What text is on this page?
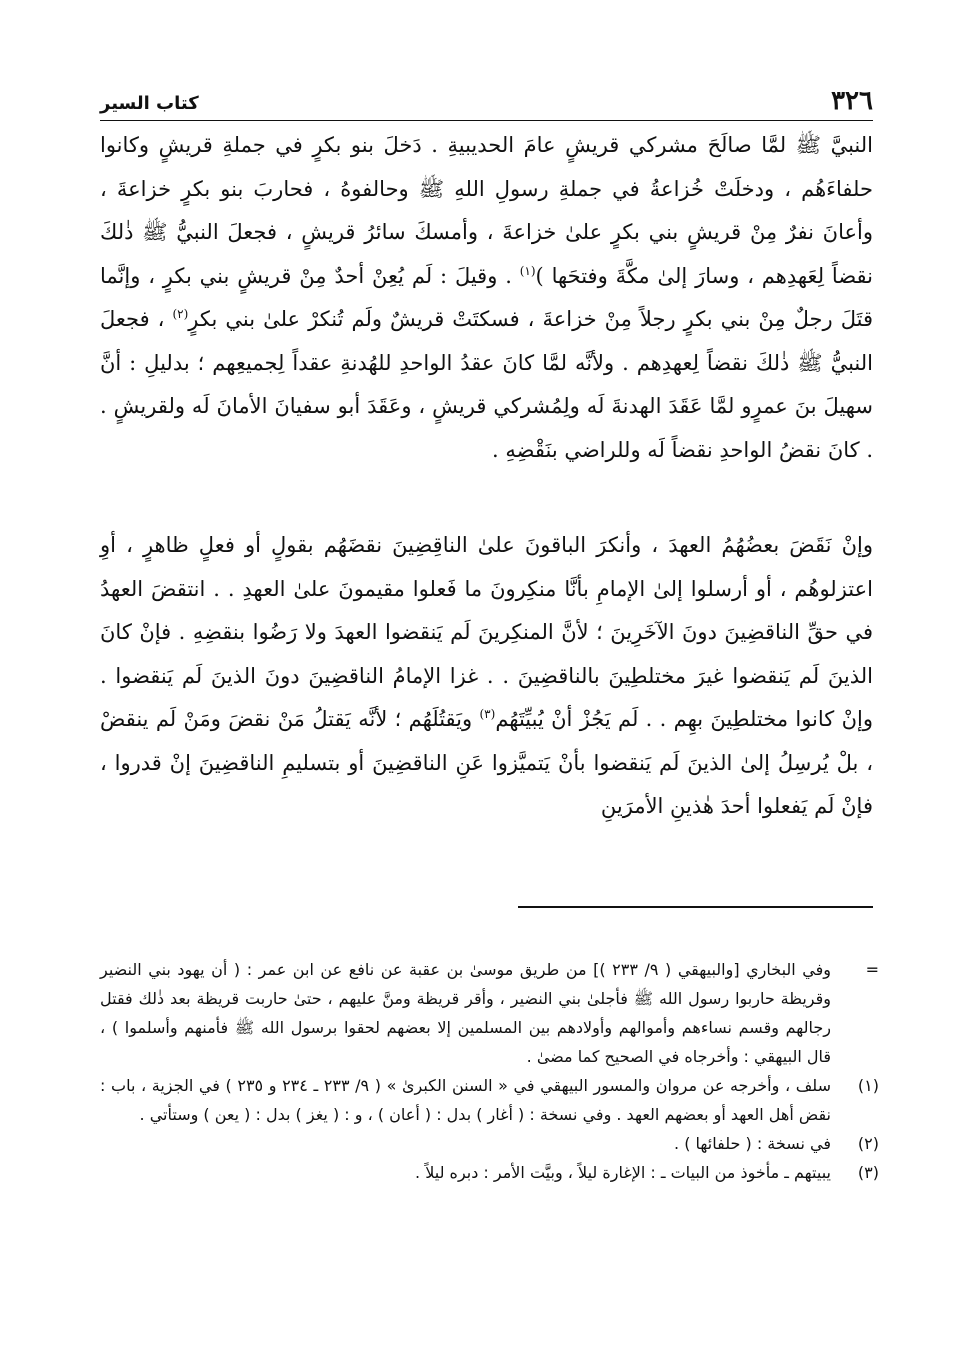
كتاب السير	٣٢٦

النبيَّ ﷺ لمَّا صالَحَ مشركي قريشٍ عامَ الحديبيةِ . دَخلَ بنو بكرٍ في جملةِ قريشٍ وكانوا حلفاءَهُم ، ودخلَتْ خُزاعةُ في جملةِ رسولِ اللهِ ﷺ وحالفوهُ ، فحاربَ بنو بكرٍ خزاعةَ ، وأعانَ نفرٌ مِنْ قريشٍ بني بكرٍ علىٰ خزاعةَ ، وأمسكَ سائرُ قريشٍ ، فجعلَ النبيُّ ﷺ ذٰلكَ نقضاً لِعَهدِهم ، وسارَ إلىٰ مكَّةَ وفتحَها )$^{(١)}$ . وقيلَ : لَم يُعِنْ أحدٌ مِنْ قريشٍ بني بكرٍ ، وإنَّما قتَلَ رجلٌ مِنْ بني بكرٍ رجلاً مِنْ خزاعةَ ، فسكتَتْ قريشٌ ولَم تُنكرْ علىٰ بني بكرٍ$^{(٢)}$ ، فجعلَ النبيُّ ﷺ ذٰلكَ نقضاً لِعهدِهم . ولأنَّه لمَّا كانَ عقدُ الواحدِ للهُدنةِ عقداً لِجميعِهم ؛ بدليلِ : أنَّ سهيلَ بنَ عمرٍو لمَّا عَقَدَ الهدنةَ لَه ولِمُشركي قريشٍ ، وعَقَدَ أبو سفيانَ الأمانَ لَه ولقريشٍ . . كانَ نقضُ الواحدِ نقضاً لَه وللراضي بنَقْضِهِ .

وإنْ نَقَضَ بعضُهُمُ العهدَ ، وأنكرَ الباقونَ علىٰ الناقِضِينَ نقضَهُم بقولٍ أو فعلٍ ظاهرٍ ، أوِ اعتزلوهُم ، أو أرسلوا إلىٰ الإمامِ بأنَّا منكِرونَ ما فَعلوا مقيمونَ علىٰ العهدِ . . انتقضَ العهدُ في حقِّ الناقضِينَ دونَ الآخَرِينَ ؛ لأنَّ المنكِرينَ لَم يَنقضوا العهدَ ولا رَضُوا بنقضِهِ . فإنْ كانَ الذينَ لَم يَنقضوا غيرَ مختلطِينَ بالناقضِينَ . . غزا الإمامُ الناقضِينَ دونَ الذينَ لَم يَنقضوا . وإنْ كانوا مختلطِينَ بهِم . . لَم يَجُزْ أنْ يُبيِّتَهُم$^{(٣)}$ ويَقتُلَهُم ؛ لأنَّه يَقتلُ مَنْ نقضَ ومَنْ لَم ينقضْ ، بلْ يُرسِلُ إلىٰ الذينَ لَم يَنقضوا بأنْ يَتميَّزوا عَنِ الناقضِينَ أو بتسليمِ الناقضِينَ إنْ قدروا ، فإنْ لَم يَفعلوا أحدَ هٰذينِ الأمرَينِ

=
وفي البخاري [والبيهقي ( ٩/ ٢٣٣ )] من طريق موسىٰ بن عقبة عن نافع عن ابن عمر : ( أن يهود بني النضير وقريظة حاربوا رسول الله ﷺ فأجلىٰ بني النضير ، وأقر قريظة ومنَّ عليهم ، حتىٰ حاربت قريظة بعد ذٰلك فقتل رجالهم وقسم نساءهم وأموالهم وأولادهم بين المسلمين إلا بعضهم لحقوا برسول الله ﷺ فأمنهم وأسلموا ) ، قال البيهقي : وأخرجاه في الصحيح كما مضىٰ .
(١)
سلف ، وأخرجه عن مروان والمسور البيهقي في « السنن الكبرىٰ » ( ٩/ ٢٣٣ ـ ٢٣٤ و ٢٣٥ ) في الجزية ، باب : نقض أهل العهد أو بعضهم العهد . وفي نسخة : ( أغار ) بدل : ( أعان ) ، و : ( يغز ) بدل : ( يعن ) وستأتي .
(٢)
في نسخة : ( حلفائها ) .
(٣)
يبيتهم ـ مأخوذ من البيات ـ : الإغارة ليلاً ، وبيَّت الأمر : دبره ليلاً .
